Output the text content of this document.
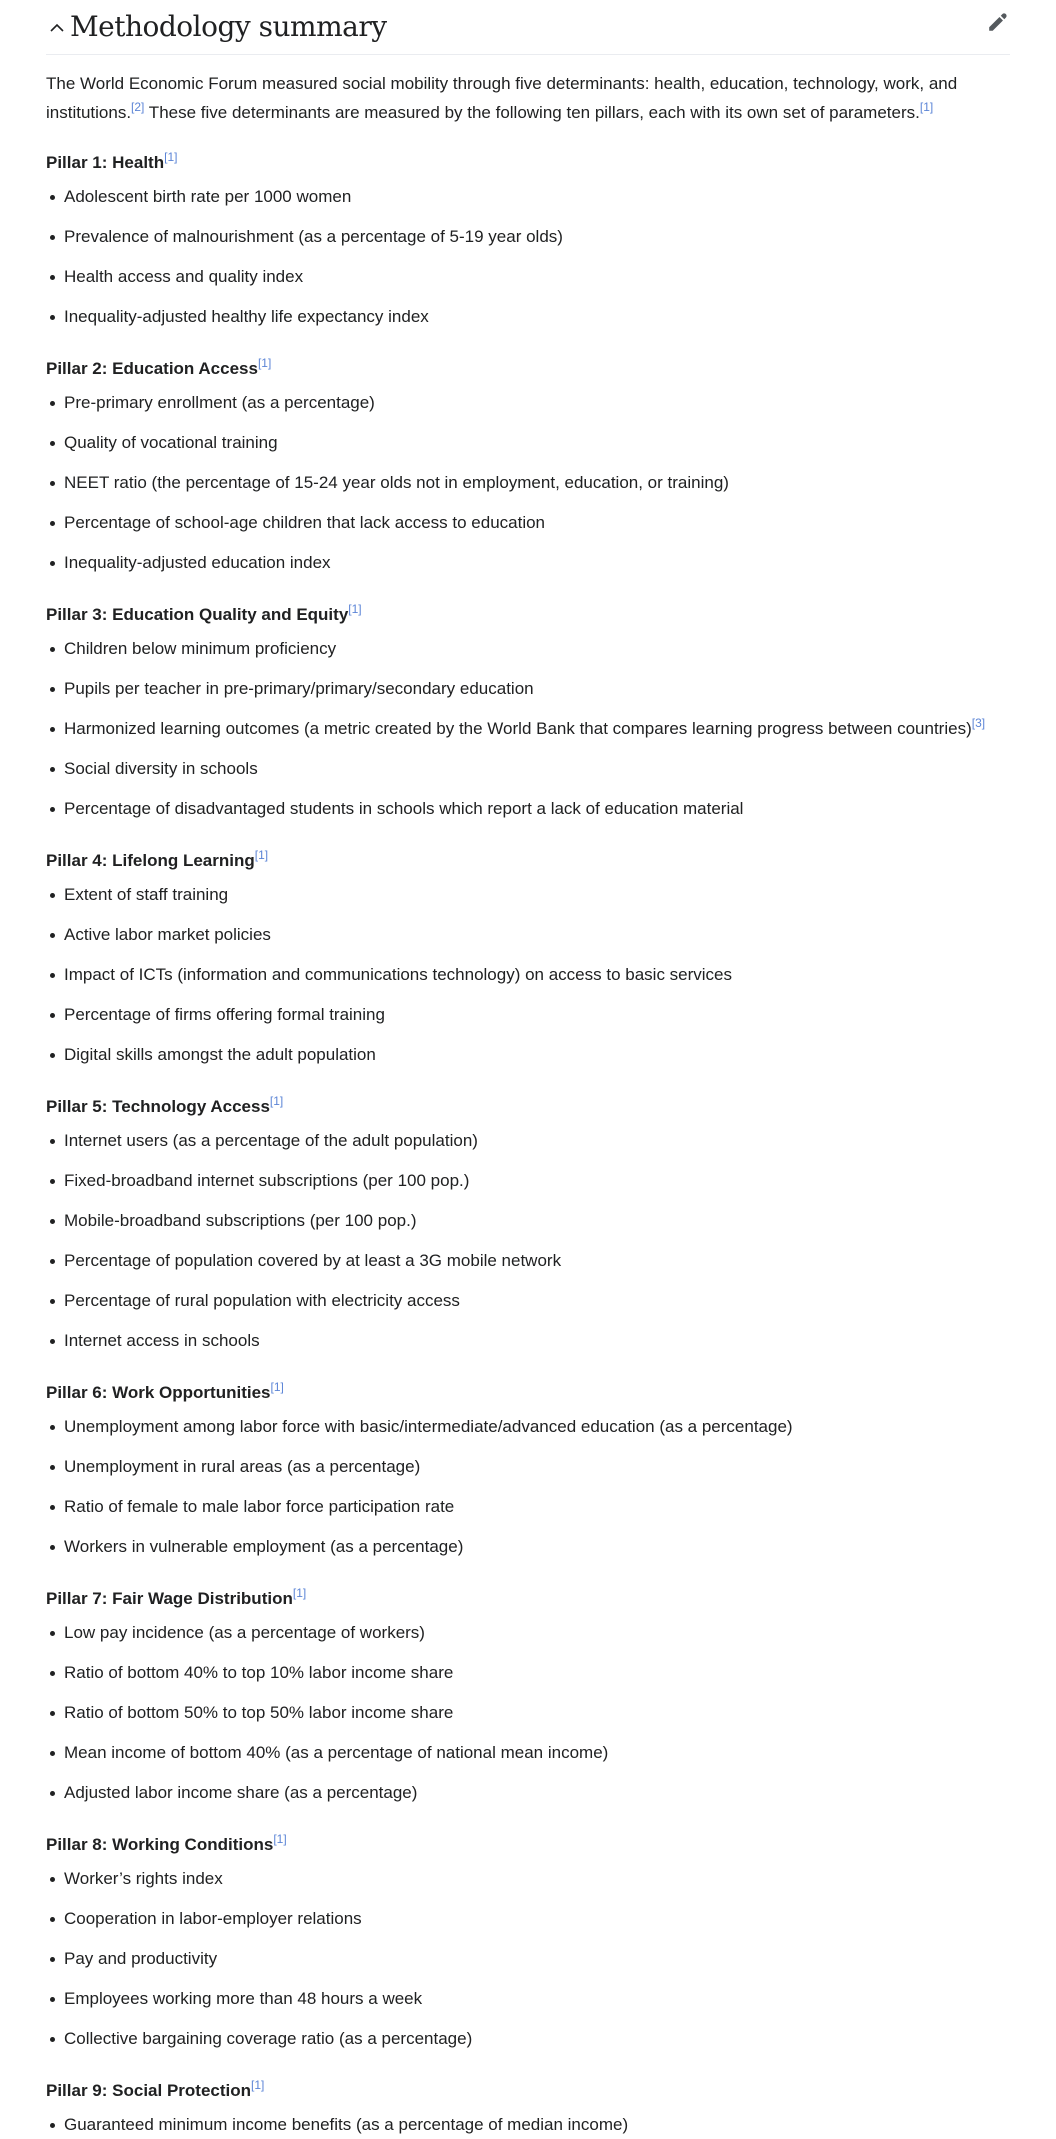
Methodology summary

The World Economic Forum measured social mobility through five determinants: health, education, technology, work, and institutions.[2] These five determinants are measured by the following ten pillars, each with its own set of parameters.[1]

Pillar 1: Health[1]
Adolescent birth rate per 1000 women
Prevalence of malnourishment (as a percentage of 5-19 year olds)
Health access and quality index
Inequality-adjusted healthy life expectancy index
Pillar 2: Education Access[1]
Pre-primary enrollment (as a percentage)
Quality of vocational training
NEET ratio (the percentage of 15-24 year olds not in employment, education, or training)
Percentage of school-age children that lack access to education
Inequality-adjusted education index
Pillar 3: Education Quality and Equity[1]
Children below minimum proficiency
Pupils per teacher in pre-primary/primary/secondary education
Harmonized learning outcomes (a metric created by the World Bank that compares learning progress between countries)[3]
Social diversity in schools
Percentage of disadvantaged students in schools which report a lack of education material
Pillar 4: Lifelong Learning[1]
Extent of staff training
Active labor market policies
Impact of ICTs (information and communications technology) on access to basic services
Percentage of firms offering formal training
Digital skills amongst the adult population
Pillar 5: Technology Access[1]
Internet users (as a percentage of the adult population)
Fixed-broadband internet subscriptions (per 100 pop.)
Mobile-broadband subscriptions (per 100 pop.)
Percentage of population covered by at least a 3G mobile network
Percentage of rural population with electricity access
Internet access in schools
Pillar 6: Work Opportunities[1]
Unemployment among labor force with basic/intermediate/advanced education (as a percentage)
Unemployment in rural areas (as a percentage)
Ratio of female to male labor force participation rate
Workers in vulnerable employment (as a percentage)
Pillar 7: Fair Wage Distribution[1]
Low pay incidence (as a percentage of workers)
Ratio of bottom 40% to top 10% labor income share
Ratio of bottom 50% to top 50% labor income share
Mean income of bottom 40% (as a percentage of national mean income)
Adjusted labor income share (as a percentage)
Pillar 8: Working Conditions[1]
Worker’s rights index
Cooperation in labor-employer relations
Pay and productivity
Employees working more than 48 hours a week
Collective bargaining coverage ratio (as a percentage)
Pillar 9: Social Protection[1]
Guaranteed minimum income benefits (as a percentage of median income)
